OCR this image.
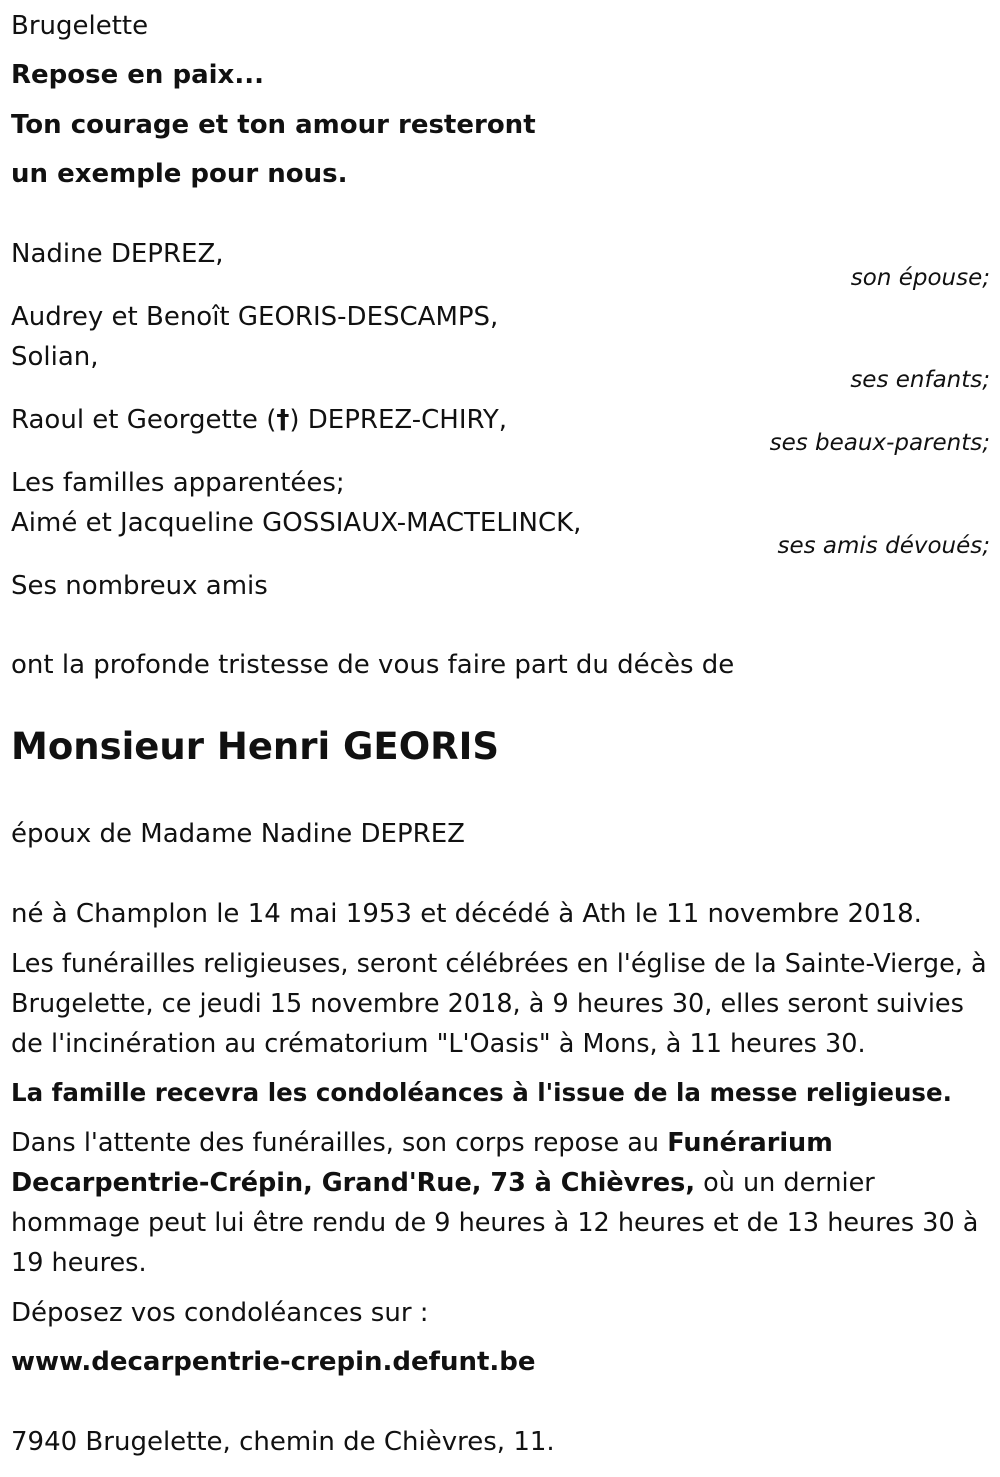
Brugelette
Repose en paix...
Ton courage et ton amour resteront
un exemple pour nous.
Nadine DEPREZ,
son épouse;
Audrey et Benoît GEORIS-DESCAMPS,
Solian,
ses enfants;
Raoul et Georgette (†) DEPREZ-CHIRY,
ses beaux-parents;
Les familles apparentées;
Aimé et Jacqueline GOSSIAUX-MACTELINCK,
ses amis dévoués;
Ses nombreux amis
ont la profonde tristesse de vous faire part du décès de
Monsieur Henri GEORIS
époux de Madame Nadine DEPREZ
né à Champlon le 14 mai 1953 et décédé à Ath le 11 novembre 2018.

Les funérailles religieuses, seront célébrées en l'église de la Sainte-Vierge, à Brugelette, ce jeudi 15 novembre 2018, à 9 heures 30, elles seront suivies de l'incinération au crématorium "L'Oasis" à Mons, à 11 heures 30.

La famille recevra les condoléances à l'issue de la messe religieuse.

Dans l'attente des funérailles, son corps repose au Funérarium Decarpentrie-Crépin, Grand'Rue, 73 à Chièvres, où un dernier hommage peut lui être rendu de 9 heures à 12 heures et de 13 heures 30 à 19 heures.

Déposez vos condoléances sur :
www.decarpentrie-crepin.defunt.be
7940 Brugelette, chemin de Chièvres, 11.
